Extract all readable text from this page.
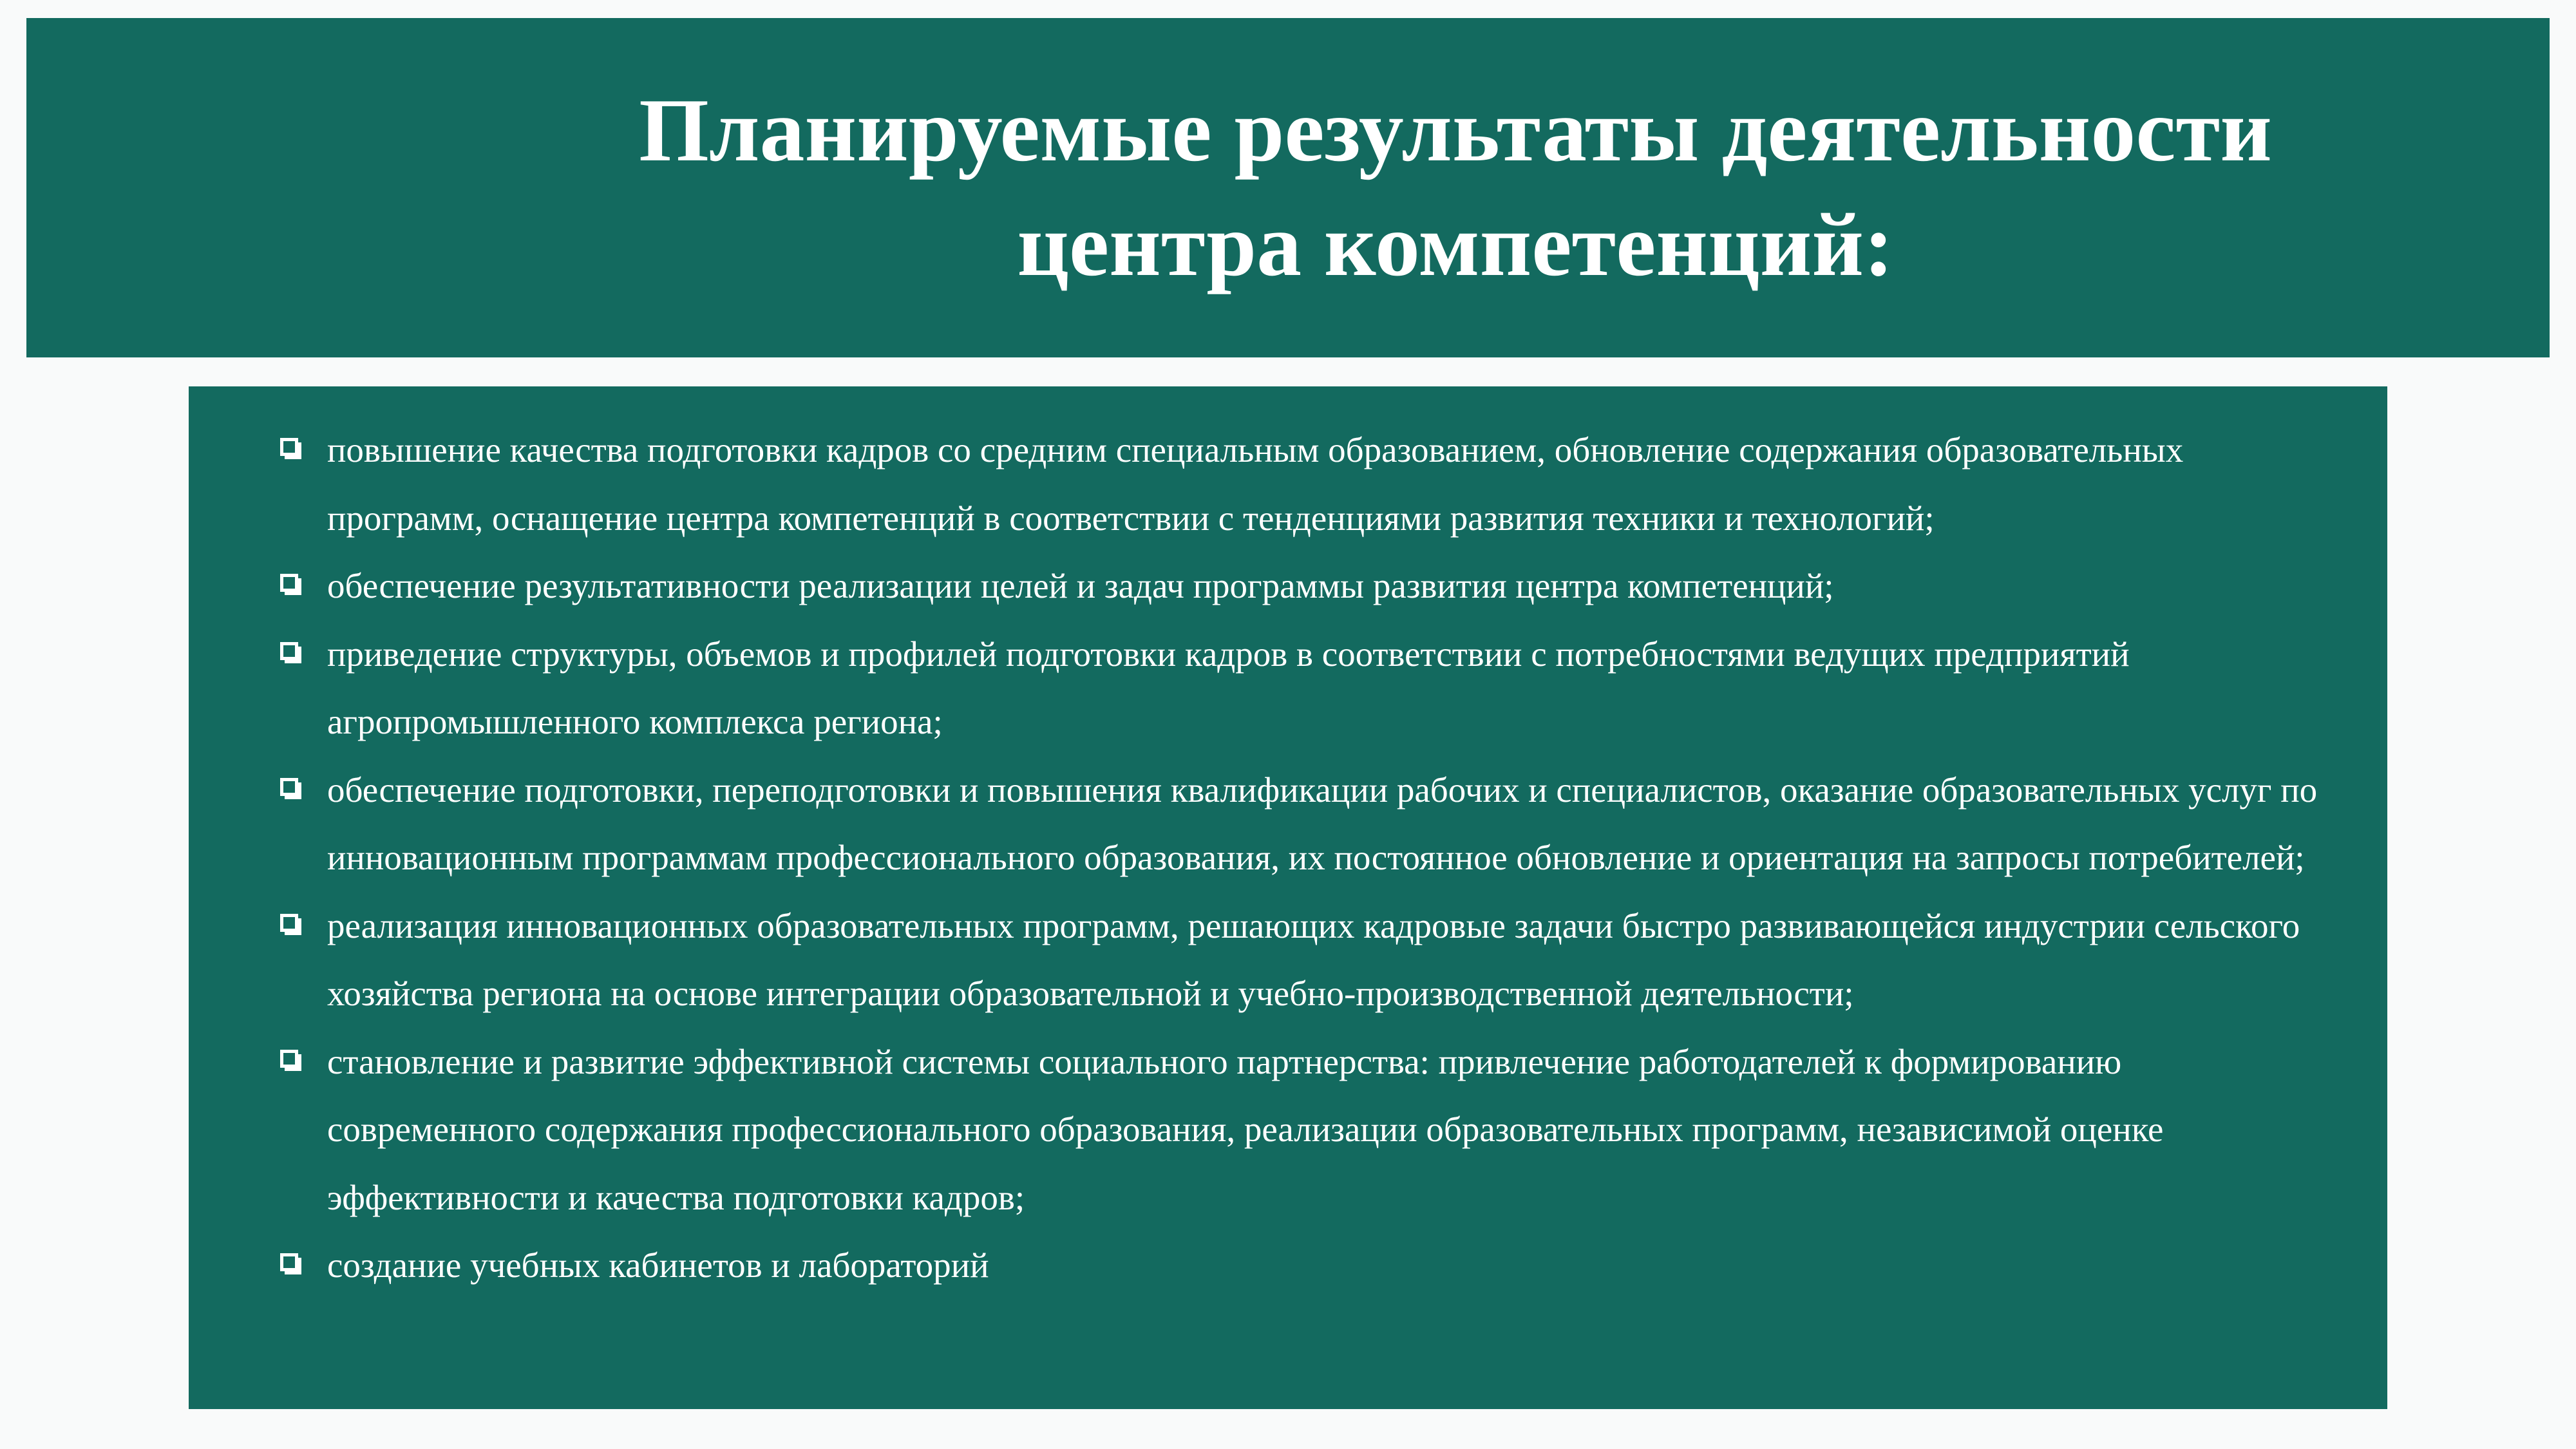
Планируемые результаты деятельности
центра компетенций:
повышение качества подготовки кадров со средним специальным образованием, обновление содержания образовательных программ, оснащение центра компетенций в соответствии с тенденциями развития техники и технологий;
обеспечение результативности реализации целей и задач программы развития центра компетенций;
приведение структуры, объемов и профилей подготовки кадров в соответствии с потребностями ведущих предприятий агропромышленного комплекса региона;
обеспечение подготовки, переподготовки и повышения квалификации рабочих и специалистов, оказание образовательных услуг по инновационным программам профессионального образования, их постоянное обновление и ориентация на запросы потребителей;
реализация инновационных образовательных программ, решающих кадровые задачи быстро развивающейся индустрии сельского хозяйства региона на основе интеграции образовательной и учебно-производственной деятельности;
становление и развитие эффективной системы социального партнерства: привлечение работодателей к формированию современного содержания профессионального образования, реализации образовательных программ, независимой оценке эффективности и качества подготовки кадров;
создание учебных кабинетов и лабораторий
